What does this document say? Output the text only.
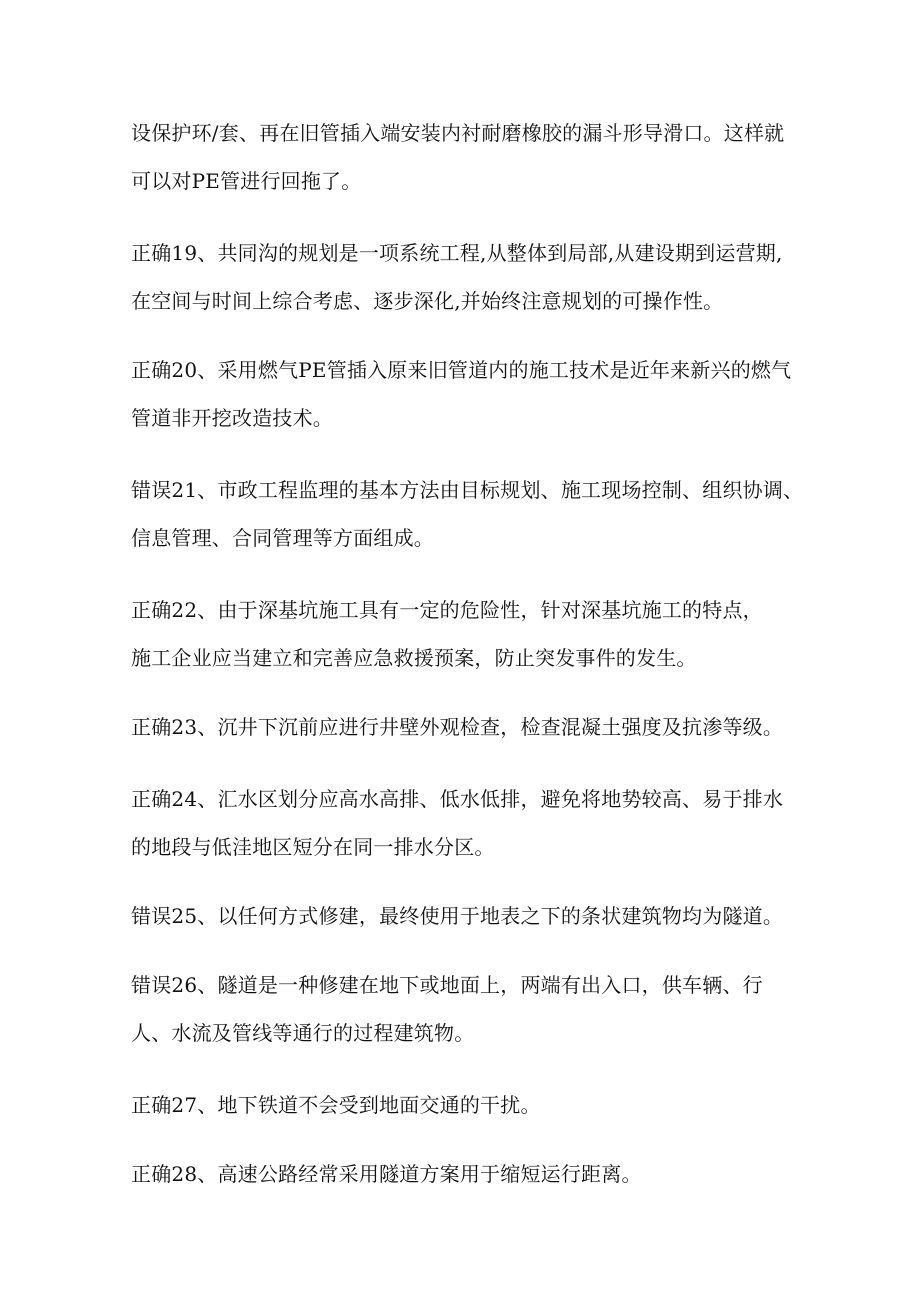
设保护环/套、再在旧管插入端安装内衬耐磨橡胶的漏斗形导滑口。这样就
可以对PE管进行回拖了。
正确19、共同沟的规划是一项系统工程,从整体到局部,从建设期到运营期,
在空间与时间上综合考虑、逐步深化,并始终注意规划的可操作性。
正确20、采用燃气PE管插入原来旧管道内的施工技术是近年来新兴的燃气
管道非开挖改造技术。
错误21、市政工程监理的基本方法由目标规划、施工现场控制、组织协调、
信息管理、合同管理等方面组成。
正确22、由于深基坑施工具有一定的危险性，针对深基坑施工的特点，
施工企业应当建立和完善应急救援预案，防止突发事件的发生。
正确23、沉井下沉前应进行井壁外观检查，检查混凝土强度及抗渗等级。
正确24、汇水区划分应高水高排、低水低排，避免将地势较高、易于排水
的地段与低洼地区短分在同一排水分区。
错误25、以任何方式修建，最终使用于地表之下的条状建筑物均为隧道。
错误26、隧道是一种修建在地下或地面上，两端有出入口，供车辆、行
人、水流及管线等通行的过程建筑物。
正确27、地下铁道不会受到地面交通的干扰。
正确28、高速公路经常采用隧道方案用于缩短运行距离。
